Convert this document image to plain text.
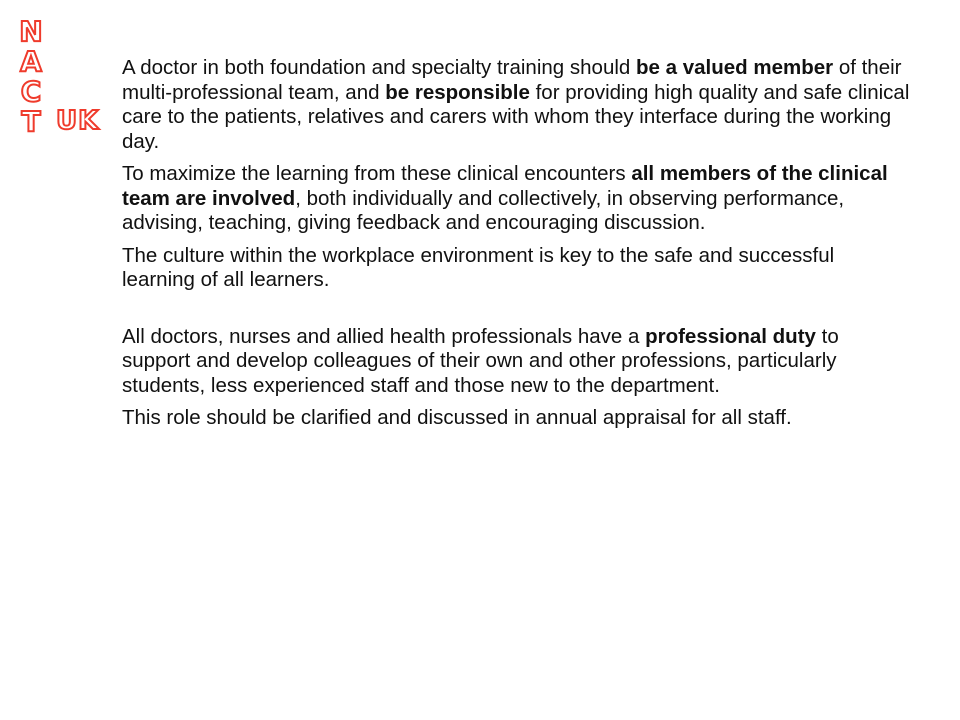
N
A
C
T UK

A doctor in both foundation and specialty training should be a valued member of their multi-professional team, and be responsible for providing high quality and safe clinical care to the patients, relatives and carers with whom they interface during the working day.

To maximize the learning from these clinical encounters all members of the clinical team are involved, both individually and collectively, in observing performance, advising, teaching, giving feedback and encouraging discussion.

The culture within the workplace environment is key to the safe and successful learning of all learners.

All doctors, nurses and allied health professionals have a professional duty to support and develop colleagues of their own and other professions, particularly students, less experienced staff and those new to the department.

This role should be clarified and discussed in annual appraisal for all staff.
